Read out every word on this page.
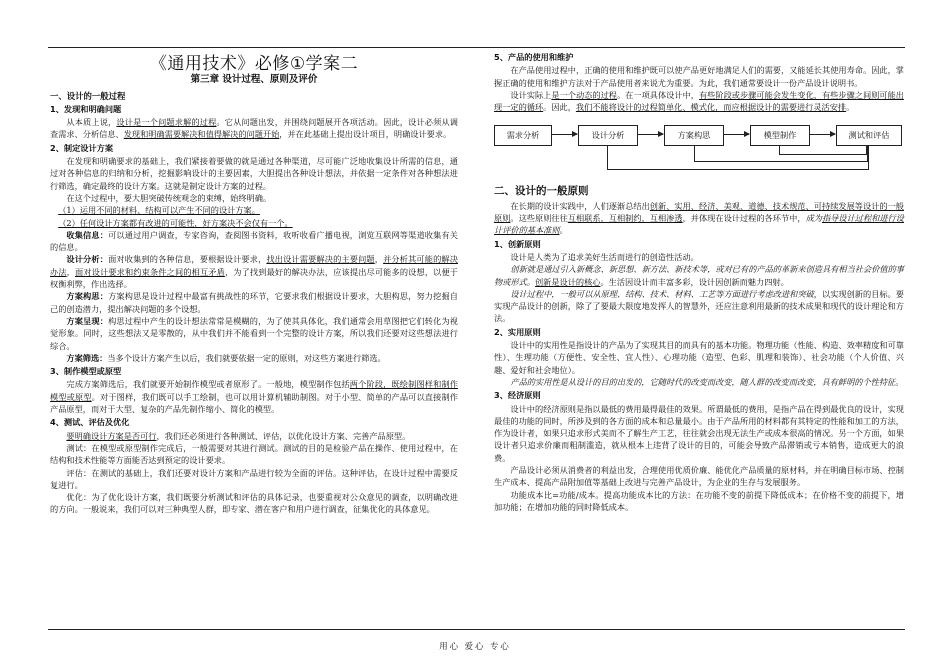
《通用技术》必修①学案二
第三章 设计过程、原则及评价
一、设计的一般过程
1、发现和明确问题

从本质上说，设计是一个问题求解的过程。它从问题出发，并围绕问题展开各项活动。因此，设计必须从调查需求、分析信息、发现和明确需要解决和值得解决的问题开始，并在此基础上提出设计项目，明确设计要求。

2、制定设计方案

在发现和明确要求的基础上，我们紧接着要做的就是通过各种渠道，尽可能广泛地收集设计所需的信息，通过对各种信息的归纳和分析，挖掘影响设计的主要因素，大胆提出各种设计想法，并依据一定条件对各种想法进行筛选，确定最终的设计方案。这就是制定设计方案的过程。

在这个过程中，要大胆突破传统观念的束缚，始终明确。

（1）运用不同的材料、结构可以产生不同的设计方案。

（2）任何设计方案都有改进的可能性，好方案决不会仅有一个。

收集信息：可以通过用户调查，专家咨询，查阅图书资料，收听收看广播电视，浏览互联网等渠道收集有关的信息。

设计分析：面对收集到的各种信息，要根据设计要求，找出设计需要解决的主要问题，并分析其可能的解决办法，面对设计要求和约束条件之间的相互矛盾，为了找到最好的解决办法，应该提出尽可能多的设想，以便于权衡利弊，作出选择。

方案构思：方案构思是设计过程中最富有挑战性的环节，它要求我们根据设计要求，大胆构思，努力挖掘自己的创造潜力，提出解决问题的多个设想。

方案呈现：构思过程中产生的设计想法常常是模糊的，为了使其具体化，我们通常会用草图把它们转化为视觉形象。同时，这些想法又是零散的，从中我们并不能看到一个完整的设计方案，所以我们还要对这些想法进行综合。

方案筛选：当多个设计方案产生以后，我们就要依据一定的原则，对这些方案进行筛选。

3、制作模型或原型

完成方案筛选后，我们就要开始制作模型或者原形了。一般地，模型制作包括两个阶段，既绘制图样和制作模型或原型。对于图样，我们既可以手工绘制，也可以用计算机辅助制图。对于小型、简单的产品可以直接制作产品原型，而对于大型、复杂的产品先制作缩小、简化的模型。

4、测试、评估及优化

要明确设计方案是否可行，我们还必须进行各种测试、评估，以优化设计方案、完善产品原型。

测试：在模型或原型制作完成后，一般需要对其进行测试。测试的目的是检验产品在操作、使用过程中，在结构和技术性能等方面能否达到预定的设计要求。

评估：在测试的基础上，我们还要对设计方案和产品进行较为全面的评估。这种评估，在设计过程中需要反复进行。

优化：为了优化设计方案，我们既要分析测试和评估的具体记录，也要重视对公众意见的调查，以明确改进的方向。一般说来，我们可以对三种典型人群，即专家、潜在客户和用户进行调查，征集优化的具体意见。

5、产品的使用和维护

在产品使用过程中，正确的使用和维护既可以使产品更好地满足人们的需要，又能延长其使用寿命。因此，掌握正确的使用和维护方法对于产品使用者来说尤为重要。为此，我们通常要设计一份产品设计说明书。

设计实际上是一个动态的过程。在一项具体设计中，有些阶段或步骤可能会发生变化，有些步骤之间则可能出现一定的循环。因此，我们不能将设计的过程简单化、模式化，而应根据设计的需要进行灵活安排。

需求分析	设计分析	方案构思	模型制作	测试和评估
二、设计的一般原则

在长期的设计实践中，人们逐渐总结出创新、实用、经济、美观、道德、技术规范、可持续发展等设计的一般原则。这些原则往往互相联系，互相制约，互相渗透，并体现在设计过程的各环节中，成为指导设计过程和进行设计评价的基本准则。

1、创新原则

设计是人类为了追求美好生活而进行的创造性活动。

创新就是通过引入新概念、新思想、新方法、新技术等，或对已有的产品的革新来创造具有相当社会价值的事物或形式。创新是设计的核心。生活因设计而丰富多彩，设计因创新而魅力四射。

设计过程中，一般可以从原理、结构、技术、材料、工艺等方面进行考虑改进和突破，以实现创新的目标。要实现产品设计的创新，除了了要最大限度地发挥人的智慧外，还应注意利用最新的技术成果和现代的设计理论和方法。

2、实用原则

设计中的实用性是指设计的产品为了实现其目的而具有的基本功能。物理功能（性能、构造、效率精度和可靠性）、生理功能（方便性、安全性、宜人性）、心理功能（造型、色彩、肌理和装饰）、社会功能（个人价值、兴趣、爱好和社会地位）。

产品的实用性是从设计的目的出发的，它随时代的改变而改变，随人群的改变而改变，具有鲜明的个性特征。

3、经济原则

设计中的经济原则是指以最低的费用最得最佳的效果。所谓最低的费用，是指产品在得到最优良的设计，实现最佳的功能的同时，所涉及到的各方面的成本和总量最小。由于产品所用的材料都有其特定的性能和加工的方法，作为设计者，如果只追求形式美而不了解生产工艺，往往就会出现无法生产或成本很高的情况。另一个方面，如果设计者只追求价廉而粗制滥造，就从根本上违背了设计的目的，可能会导致产品滞销或亏本销售，造成更大的浪费。

产品设计必须从消费者的利益出发，合理使用优质价廉、能优化产品质量的原材料，并在明确目标市场、控制生产成本、提高产品附加值等基础上改进与完善产品设计，为企业的生存与发展服务。

功能成本比=功能/成本。提高功能成本比的方法：在功能不变的前提下降低成本；在价格不变的前提下，增加功能；在增加功能的同时降低成本。

用心 爱心 专心
